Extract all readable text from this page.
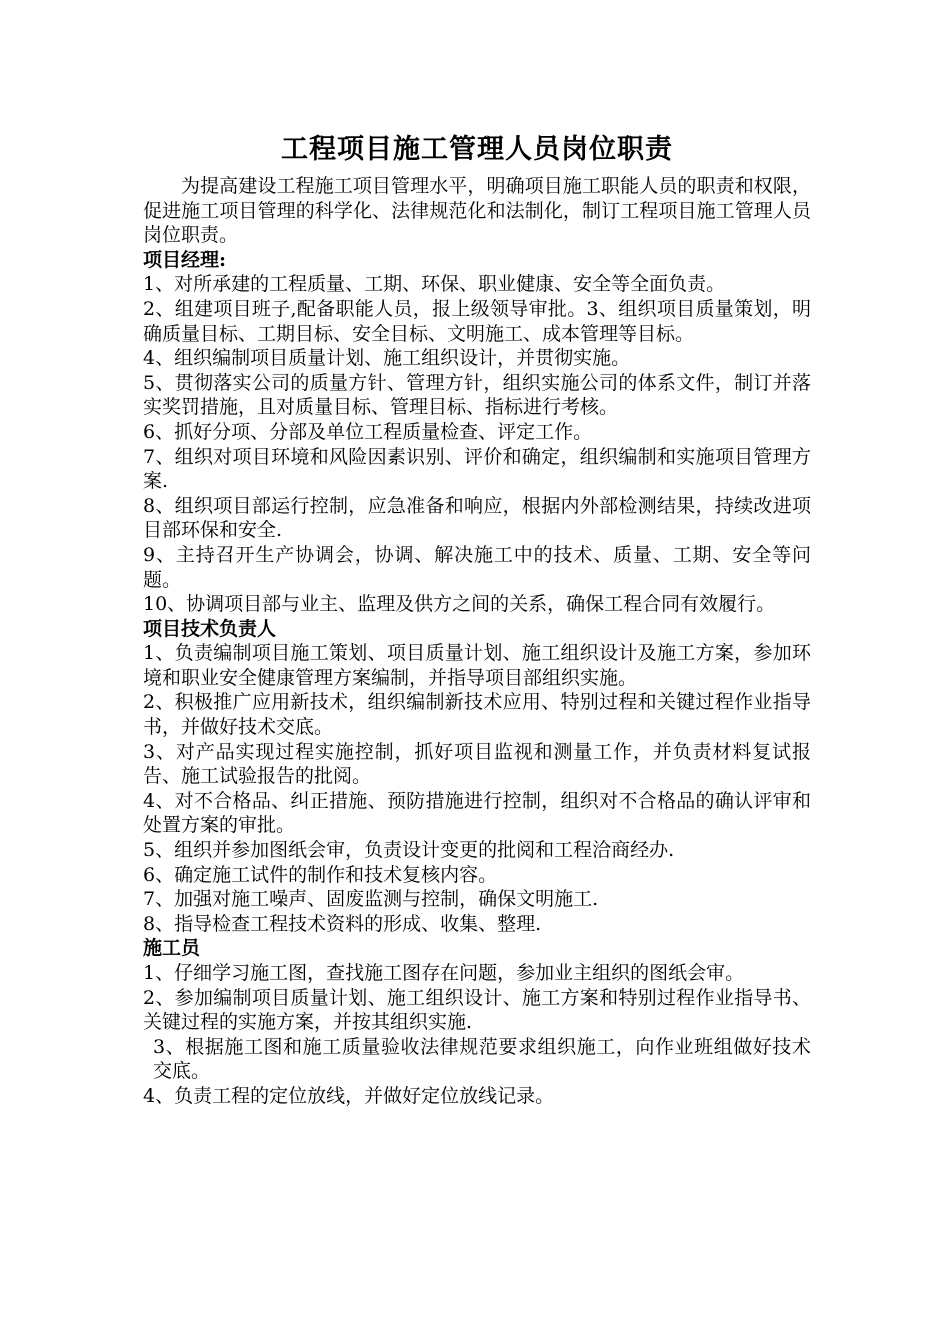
工程项目施工管理人员岗位职责

为提高建设工程施工项目管理水平，明确项目施工职能人员的职责和权限，促进施工项目管理的科学化、法律规范化和法制化，制订工程项目施工管理人员岗位职责。

项目经理:

1、对所承建的工程质量、工期、环保、职业健康、安全等全面负责。

2、组建项目班子,配备职能人员，报上级领导审批。3、组织项目质量策划，明确质量目标、工期目标、安全目标、文明施工、成本管理等目标。

4、组织编制项目质量计划、施工组织设计，并贯彻实施。

5、贯彻落实公司的质量方针、管理方针，组织实施公司的体系文件，制订并落实奖罚措施，且对质量目标、管理目标、指标进行考核。

6、抓好分项、分部及单位工程质量检查、评定工作。

7、组织对项目环境和风险因素识别、评价和确定，组织编制和实施项目管理方案.

8、组织项目部运行控制，应急准备和响应，根据内外部检测结果，持续改进项目部环保和安全.

9、主持召开生产协调会，协调、解决施工中的技术、质量、工期、安全等问题。

10、协调项目部与业主、监理及供方之间的关系，确保工程合同有效履行。

项目技术负责人

1、负责编制项目施工策划、项目质量计划、施工组织设计及施工方案，参加环境和职业安全健康管理方案编制，并指导项目部组织实施。

2、积极推广应用新技术，组织编制新技术应用、特别过程和关键过程作业指导书，并做好技术交底。

3、对产品实现过程实施控制，抓好项目监视和测量工作，并负责材料复试报告、施工试验报告的批阅。

4、对不合格品、纠正措施、预防措施进行控制，组织对不合格品的确认评审和处置方案的审批。

5、组织并参加图纸会审，负责设计变更的批阅和工程洽商经办.

6、确定施工试件的制作和技术复核内容。

7、加强对施工噪声、固废监测与控制，确保文明施工.

8、指导检查工程技术资料的形成、收集、整理.

施工员

1、仔细学习施工图，查找施工图存在问题，参加业主组织的图纸会审。

2、参加编制项目质量计划、施工组织设计、施工方案和特别过程作业指导书、关键过程的实施方案，并按其组织实施.

3、根据施工图和施工质量验收法律规范要求组织施工，向作业班组做好技术交底。

4、负责工程的定位放线，并做好定位放线记录。
